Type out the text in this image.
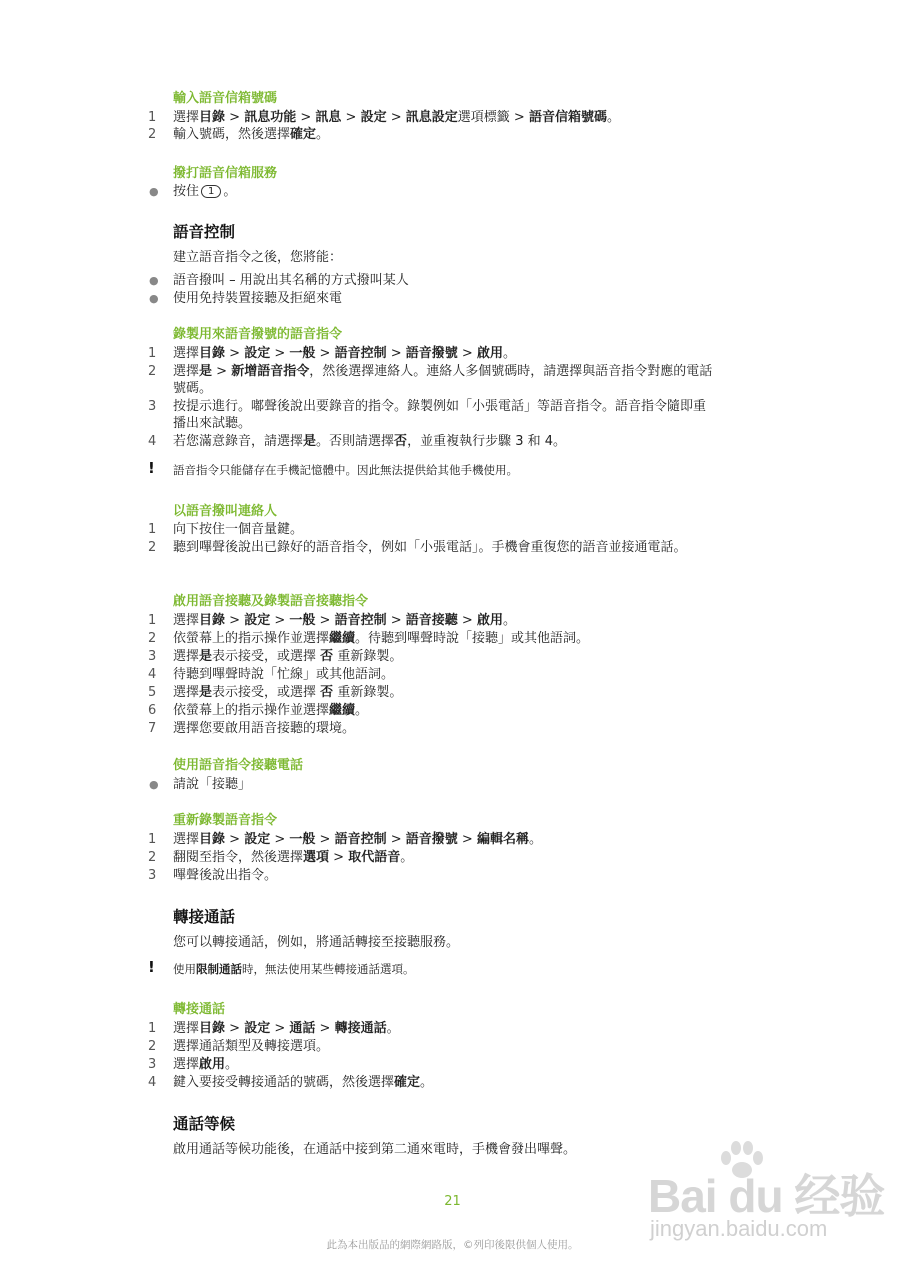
輸入語音信箱號碼
1	選擇目錄 > 訊息功能 > 訊息 > 設定 > 訊息設定選項標籤 > 語音信箱號碼。
2	輸入號碼，然後選擇確定。
撥打語音信箱服務
● 按住 1 。
語音控制
建立語音指令之後，您將能：
● 語音撥叫 – 用說出其名稱的方式撥叫某人
● 使用免持裝置接聽及拒絕來電
錄製用來語音撥號的語音指令
1	選擇目錄 > 設定 > 一般 > 語音控制 > 語音撥號 > 啟用。
2	選擇是 > 新增語音指令，然後選擇連絡人。連絡人多個號碼時，請選擇與語音指令對應的電話號碼。
3	按提示進行。嘟聲後說出要錄音的指令。錄製例如「小張電話」等語音指令。語音指令隨即重播出來試聽。
4	若您滿意錄音，請選擇是。否則請選擇否，並重複執行步驟 3 和 4。
! 語音指令只能儲存在手機記憶體中。因此無法提供給其他手機使用。
以語音撥叫連絡人
1	向下按住一個音量鍵。
2	聽到嗶聲後說出已錄好的語音指令，例如「小張電話」。手機會重復您的語音並接通電話。
啟用語音接聽及錄製語音接聽指令
1	選擇目錄 > 設定 > 一般 > 語音控制 > 語音接聽 > 啟用。
2	依螢幕上的指示操作並選擇繼續。待聽到嗶聲時說「接聽」或其他語詞。
3	選擇是表示接受，或選擇 否 重新錄製。
4	待聽到嗶聲時說「忙線」或其他語詞。
5	選擇是表示接受，或選擇 否 重新錄製。
6	依螢幕上的指示操作並選擇繼續。
7	選擇您要啟用語音接聽的環境。
使用語音指令接聽電話
● 請說「接聽」
重新錄製語音指令
1	選擇目錄 > 設定 > 一般 > 語音控制 > 語音撥號 > 編輯名稱。
2	翻閱至指令，然後選擇選項 > 取代語音。
3	嗶聲後說出指令。
轉接通話
您可以轉接通話，例如，將通話轉接至接聽服務。
! 使用限制通話時，無法使用某些轉接通話選項。
轉接通話
1	選擇目錄 > 設定 > 通話 > 轉接通話。
2	選擇通話類型及轉接選項。
3	選擇啟用。
4	鍵入要接受轉接通話的號碼，然後選擇確定。
通話等候
啟用通話等候功能後，在通話中接到第二通來電時，手機會發出嗶聲。
Bai du 经验
jingyan.baidu.com
21
此為本出版品的網際網路版，©列印後限供個人使用。
